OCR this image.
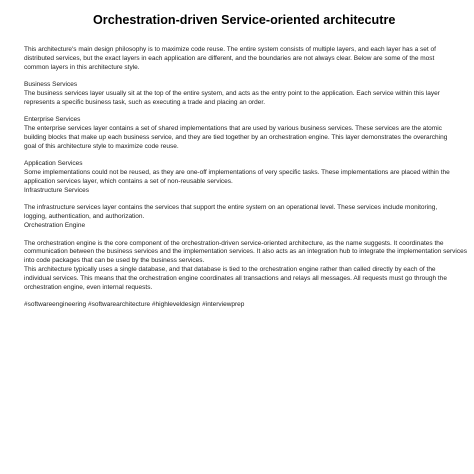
Orchestration-driven Service-oriented architecutre
This architecture's main design philosophy is to maximize code reuse. The entire system consists of multiple layers, and each layer has a set of
distributed services, but the exact layers in each application are different, and the boundaries are not always clear. Below are some of the most
common layers in this architecture style.
Business Services
The business services layer usually sit at the top of the entire system, and acts as the entry point to the application. Each service within this layer
represents a specific business task, such as executing a trade and placing an order.
Enterprise Services
The enterprise services layer contains a set of shared implementations that are used by various business services. These services are the atomic
building blocks that make up each business service, and they are tied together by an orchestration engine. This layer demonstrates the overarching
goal of this architecture style to maximize code reuse.
Application Services
Some implementations could not be reused, as they are one-off implementations of very specific tasks. These implementations are placed within the
application services layer, which contains a set of non-reusable services.
Infrastructure Services
The infrastructure services layer contains the services that support the entire system on an operational level. These services include monitoring,
logging, authentication, and authorization.
Orchestration Engine
The orchestration engine is the core component of the orchestration-driven service-oriented architecture, as the name suggests. It coordinates the
communication between the business services and the implementation services. It also acts as an integration hub to integrate the implementation services
into code packages that can be used by the business services.
This architecture typically uses a single database, and that database is tied to the orchestration engine rather than called directly by each of the
individual services. This means that the orchestration engine coordinates all transactions and relays all messages. All requests must go through the
orchestration engine, even internal requests.
#softwareengineering #softwarearchitecture #highleveldesign #interviewprep
